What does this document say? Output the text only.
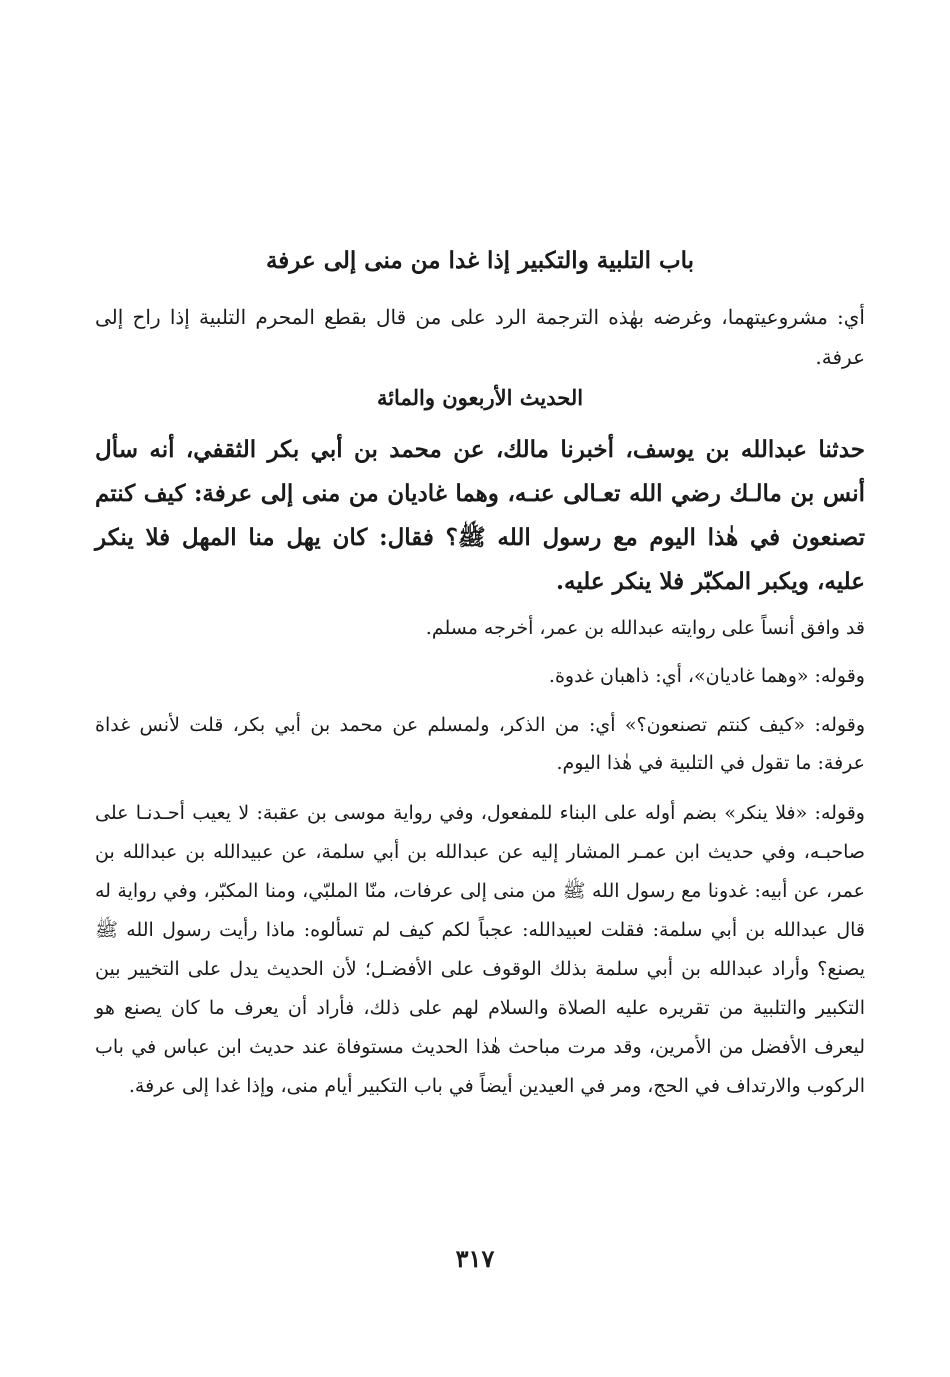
باب التلبية والتكبير إذا غدا من منى إلى عرفة
أي: مشروعيتهما، وغرضه بهٰذه الترجمة الرد على من قال بقطع المحرم التلبية إذا راح إلى عرفة.
الحديث الأربعون والمائة
حدثنا عبدالله بن يوسف، أخبرنا مالك، عن محمد بن أبي بكر الثقفي، أنه سأل أنس بن مالـك رضي الله تعـالى عنـه، وهما غاديان من منى إلى عرفة: كيف كنتم تصنعون في هٰذا اليوم مع رسول الله ﷺ؟ فقال: كان يهل منا المهل فلا ينكر عليه، ويكبر المكبّر فلا ينكر عليه.
قد وافق أنساً على روايته عبدالله بن عمر، أخرجه مسلم.
وقوله: «وهما غاديان»، أي: ذاهبان غدوة.
وقوله: «كيف كنتم تصنعون؟» أي: من الذكر، ولمسلم عن محمد بن أبي بكر، قلت لأنس غداة عرفة: ما تقول في التلبية في هٰذا اليوم.
وقوله: «فلا ينكر» بضم أوله على البناء للمفعول، وفي رواية موسى بن عقبة: لا يعيب أحـدنـا على صاحبـه، وفي حديث ابن عمـر المشار إليه عن عبدالله بن أبي سلمة، عن عبيدالله بن عبدالله بن عمر، عن أبيه: غدونا مع رسول الله ﷺ من منى إلى عرفات، منّا الملبّي، ومنا المكبّر، وفي رواية له قال عبدالله بن أبي سلمة: فقلت لعبيدالله: عجباً لكم كيف لم تسألوه: ماذا رأيت رسول الله ﷺ يصنع؟ وأراد عبدالله بن أبي سلمة بذلك الوقوف على الأفضـل؛ لأن الحديث يدل على التخيير بين التكبير والتلبية من تقريره عليه الصلاة والسلام لهم على ذلك، فأراد أن يعرف ما كان يصنع هو ليعرف الأفضل من الأمرين، وقد مرت مباحث هٰذا الحديث مستوفاة عند حديث ابن عباس في باب الركوب والارتداف في الحج، ومر في العيدين أيضاً في باب التكبير أيام منى، وإذا غدا إلى عرفة.
٣١٧
